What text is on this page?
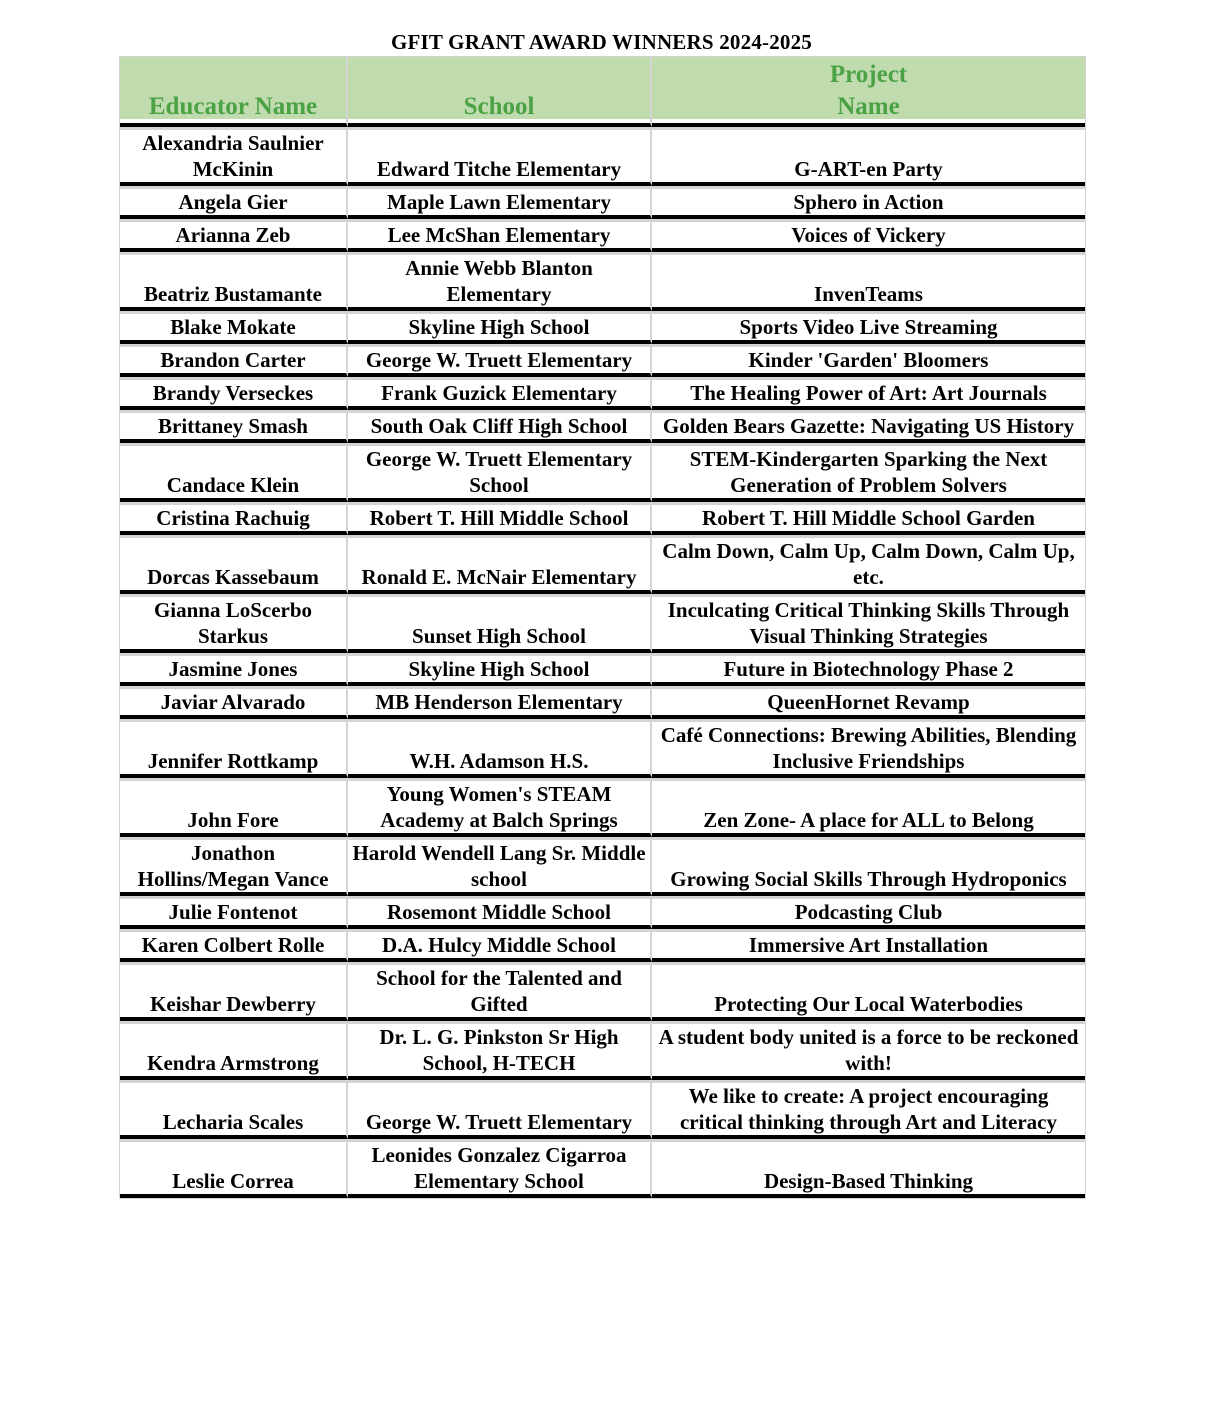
GFIT GRANT AWARD WINNERS 2024-2025
Educator Name	School	Project Name
Alexandria Saulnier McKinin	Edward Titche Elementary	G-ART-en Party
Angela Gier	Maple Lawn Elementary	Sphero in Action
Arianna Zeb	Lee McShan Elementary	Voices of Vickery
Beatriz Bustamante	Annie Webb Blanton Elementary	InvenTeams
Blake Mokate	Skyline High School	Sports Video Live Streaming
Brandon Carter	George W. Truett Elementary	Kinder 'Garden' Bloomers
Brandy Verseckes	Frank Guzick Elementary	The Healing Power of Art: Art Journals
Brittaney Smash	South Oak Cliff High School	Golden Bears Gazette: Navigating US History
Candace Klein	George W. Truett Elementary School	STEM-Kindergarten Sparking the Next Generation of Problem Solvers
Cristina Rachuig	Robert T. Hill Middle School	Robert T. Hill Middle School Garden
Dorcas Kassebaum	Ronald E. McNair Elementary	Calm Down, Calm Up, Calm Down, Calm Up, etc.
Gianna LoScerbo Starkus	Sunset High School	Inculcating Critical Thinking Skills Through Visual Thinking Strategies
Jasmine Jones	Skyline High School	Future in Biotechnology Phase 2
Javiar Alvarado	MB Henderson Elementary	QueenHornet Revamp
Jennifer Rottkamp	W.H. Adamson H.S.	Café Connections: Brewing Abilities, Blending Inclusive Friendships
John Fore	Young Women's STEAM Academy at Balch Springs	Zen Zone- A place for ALL to Belong
Jonathon Hollins/Megan Vance	Harold Wendell Lang Sr. Middle school	Growing Social Skills Through Hydroponics
Julie Fontenot	Rosemont Middle School	Podcasting Club
Karen Colbert Rolle	D.A. Hulcy Middle School	Immersive Art Installation
Keishar Dewberry	School for the Talented and Gifted	Protecting Our Local Waterbodies
Kendra Armstrong	Dr. L. G. Pinkston Sr High School, H-TECH	A student body united is a force to be reckoned with!
Lecharia Scales	George W. Truett Elementary	We like to create: A project encouraging critical thinking through Art and Literacy
Leslie Correa	Leonides Gonzalez Cigarroa Elementary School	Design-Based Thinking
